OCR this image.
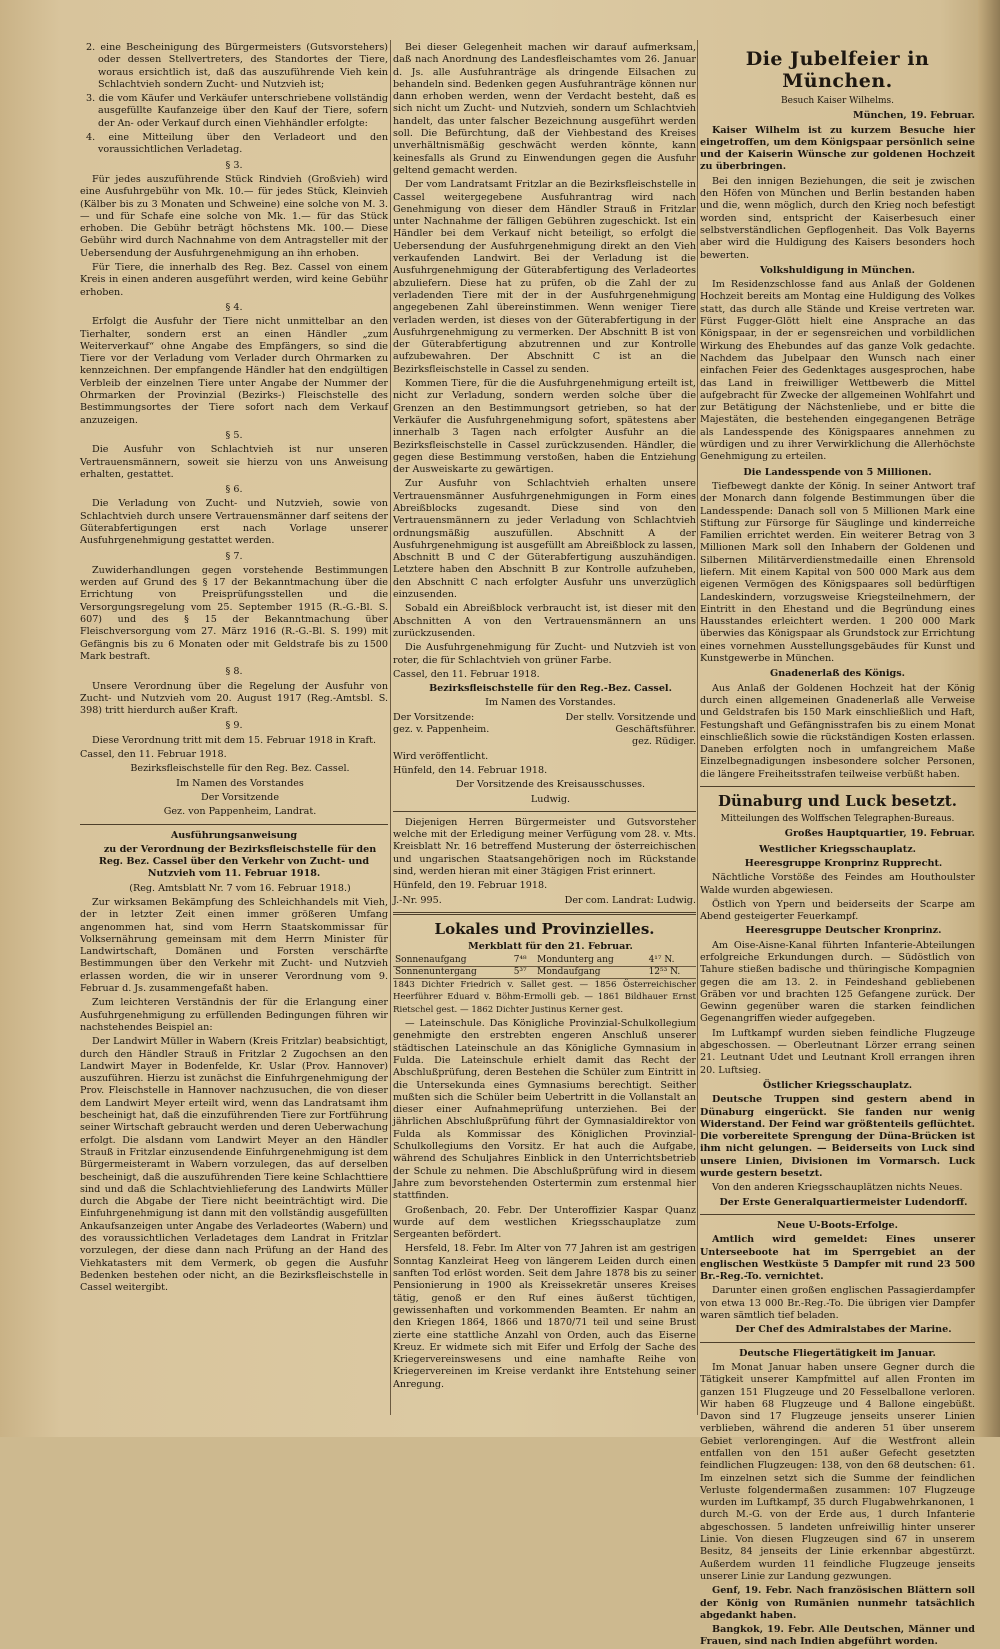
2. eine Bescheinigung des Bürgermeisters (Gutsvorstehers) oder dessen Stellvertreters, des Standortes der Tiere, woraus ersichtlich ist, daß das auszuführende Vieh kein Schlachtvieh sondern Zucht- und Nutzvieh ist;

3. die vom Käufer und Verkäufer unterschriebene vollständig ausgefüllte Kaufanzeige über den Kauf der Tiere, sofern der An- oder Verkauf durch einen Viehhändler erfolgte:

4. eine Mitteilung über den Verladeort und den voraussichtlichen Verladetag.

§ 3.

Für jedes auszuführende Stück Rindvieh (Großvieh) wird eine Ausfuhrgebühr von Mk. 10.— für jedes Stück, Kleinvieh (Kälber bis zu 3 Monaten und Schweine) eine solche von M. 3.— und für Schafe eine solche von Mk. 1.— für das Stück erhoben. Die Gebühr beträgt höchstens Mk. 100.— Diese Gebühr wird durch Nachnahme von dem Antragsteller mit der Uebersendung der Ausfuhrgenehmigung an ihn erhoben.

Für Tiere, die innerhalb des Reg. Bez. Cassel von einem Kreis in einen anderen ausgeführt werden, wird keine Gebühr erhoben.

§ 4.

Erfolgt die Ausfuhr der Tiere nicht unmittelbar an den Tierhalter, sondern erst an einen Händler „zum Weiterverkauf“ ohne Angabe des Empfängers, so sind die Tiere vor der Verladung vom Verlader durch Ohrmarken zu kennzeichnen. Der empfangende Händler hat den endgültigen Verbleib der einzelnen Tiere unter Angabe der Nummer der Ohrmarken der Provinzial (Bezirks-) Fleischstelle des Bestimmungsortes der Tiere sofort nach dem Verkauf anzuzeigen.

§ 5.

Die Ausfuhr von Schlachtvieh ist nur unseren Vertrauensmännern, soweit sie hierzu von uns Anweisung erhalten, gestattet.

§ 6.

Die Verladung von Zucht- und Nutzvieh, sowie von Schlachtvieh durch unsere Vertrauensmänner darf seitens der Güterabfertigungen erst nach Vorlage unserer Ausfuhrgenehmigung gestattet werden.

§ 7.

Zuwiderhandlungen gegen vorstehende Bestimmungen werden auf Grund des § 17 der Bekanntmachung über die Errichtung von Preisprüfungsstellen und die Versorgungsregelung vom 25. September 1915 (R.-G.-Bl. S. 607) und des § 15 der Bekanntmachung über Fleischversorgung vom 27. März 1916 (R.-G.-Bl. S. 199) mit Gefängnis bis zu 6 Monaten oder mit Geldstrafe bis zu 1500 Mark bestraft.

§ 8.

Unsere Verordnung über die Regelung der Ausfuhr von Zucht- und Nutzvieh vom 20. August 1917 (Reg.-Amtsbl. S. 398) tritt hierdurch außer Kraft.

§ 9.

Diese Verordnung tritt mit dem 15. Februar 1918 in Kraft.

Cassel, den 11. Februar 1918.

Bezirksfleischstelle für den Reg. Bez. Cassel.

Im Namen des Vorstandes

Der Vorsitzende

Gez. von Pappenheim, Landrat.

Ausführungsanweisung

zu der Verordnung der Bezirksfleischstelle für den Reg. Bez. Cassel über den Verkehr von Zucht- und Nutzvieh vom 11. Februar 1918.

(Reg. Amtsblatt Nr. 7 vom 16. Februar 1918.)

Zur wirksamen Bekämpfung des Schleichhandels mit Vieh, der in letzter Zeit einen immer größeren Umfang angenommen hat, sind vom Herrn Staatskommissar für Volksernährung gemeinsam mit dem Herrn Minister für Landwirtschaft, Domänen und Forsten verschärfte Bestimmungen über den Verkehr mit Zucht- und Nutzvieh erlassen worden, die wir in unserer Verordnung vom 9. Februar d. Js. zusammengefaßt haben.

Zum leichteren Verständnis der für die Erlangung einer Ausfuhrgenehmigung zu erfüllenden Bedingungen führen wir nachstehendes Beispiel an:

Der Landwirt Müller in Wabern (Kreis Fritzlar) beabsichtigt, durch den Händler Strauß in Fritzlar 2 Zugochsen an den Landwirt Mayer in Bodenfelde, Kr. Uslar (Prov. Hannover) auszuführen. Hierzu ist zunächst die Einfuhrgenehmigung der Prov. Fleischstelle in Hannover nachzusuchen, die von dieser dem Landwirt Meyer erteilt wird, wenn das Landratsamt ihm bescheinigt hat, daß die einzuführenden Tiere zur Fortführung seiner Wirtschaft gebraucht werden und deren Ueberwachung erfolgt. Die alsdann vom Landwirt Meyer an den Händler Strauß in Fritzlar einzusendende Einfuhrgenehmigung ist dem Bürgermeisteramt in Wabern vorzulegen, das auf derselben bescheinigt, daß die auszuführenden Tiere keine Schlachttiere sind und daß die Schlachtviehlieferung des Landwirts Müller durch die Abgabe der Tiere nicht beeinträchtigt wird. Die Einfuhrgenehmigung ist dann mit den vollständig ausgefüllten Ankaufsanzeigen unter Angabe des Verladeortes (Wabern) und des voraussichtlichen Verladetages dem Landrat in Fritzlar vorzulegen, der diese dann nach Prüfung an der Hand des Viehkatasters mit dem Vermerk, ob gegen die Ausfuhr Bedenken bestehen oder nicht, an die Bezirksfleischstelle in Cassel weitergibt.

Bei dieser Gelegenheit machen wir darauf aufmerksam, daß nach Anordnung des Landesfleischamtes vom 26. Januar d. Js. alle Ausfuhranträge als dringende Eilsachen zu behandeln sind. Bedenken gegen Ausfuhranträge können nur dann erhoben werden, wenn der Verdacht besteht, daß es sich nicht um Zucht- und Nutzvieh, sondern um Schlachtvieh handelt, das unter falscher Bezeichnung ausgeführt werden soll. Die Befürchtung, daß der Viehbestand des Kreises unverhältnismäßig geschwächt werden könnte, kann keinesfalls als Grund zu Einwendungen gegen die Ausfuhr geltend gemacht werden.

Der vom Landratsamt Fritzlar an die Bezirksfleischstelle in Cassel weitergegebene Ausfuhrantrag wird nach Genehmigung von dieser dem Händler Strauß in Fritzlar unter Nachnahme der fälligen Gebühren zugeschickt. Ist ein Händler bei dem Verkauf nicht beteiligt, so erfolgt die Uebersendung der Ausfuhrgenehmigung direkt an den Vieh verkaufenden Landwirt. Bei der Verladung ist die Ausfuhrgenehmigung der Güterabfertigung des Verladeortes abzuliefern. Diese hat zu prüfen, ob die Zahl der zu verladenden Tiere mit der in der Ausfuhrgenehmigung angegebenen Zahl übereinstimmen. Wenn weniger Tiere verladen werden, ist dieses von der Güterabfertigung in der Ausfuhrgenehmigung zu vermerken. Der Abschnitt B ist von der Güterabfertigung abzutrennen und zur Kontrolle aufzubewahren. Der Abschnitt C ist an die Bezirksfleischstelle in Cassel zu senden.

Kommen Tiere, für die die Ausfuhrgenehmigung erteilt ist, nicht zur Verladung, sondern werden solche über die Grenzen an den Bestimmungsort getrieben, so hat der Verkäufer die Ausfuhrgenehmigung sofort, spätestens aber innerhalb 3 Tagen nach erfolgter Ausfuhr an die Bezirksfleischstelle in Cassel zurückzusenden. Händler, die gegen diese Bestimmung verstoßen, haben die Entziehung der Ausweiskarte zu gewärtigen.

Zur Ausfuhr von Schlachtvieh erhalten unsere Vertrauensmänner Ausfuhrgenehmigungen in Form eines Abreißblocks zugesandt. Diese sind von den Vertrauensmännern zu jeder Verladung von Schlachtvieh ordnungsmäßig auszufüllen. Abschnitt A der Ausfuhrgenehmigung ist ausgefüllt am Abreißblock zu lassen, Abschnitt B und C der Güterabfertigung auszuhändigen. Letztere haben den Abschnitt B zur Kontrolle aufzuheben, den Abschnitt C nach erfolgter Ausfuhr uns unverzüglich einzusenden.

Sobald ein Abreißblock verbraucht ist, ist dieser mit den Abschnitten A von den Vertrauensmännern an uns zurückzusenden.

Die Ausfuhrgenehmigung für Zucht- und Nutzvieh ist von roter, die für Schlachtvieh von grüner Farbe.

Cassel, den 11. Februar 1918.

Bezirksfleischstelle für den Reg.-Bez. Cassel.

Im Namen des Vorstandes.

Der Vorsitzende:	Der stellv. Vorsitzende und
gez. v. Pappenheim.	Geschäftsführer.

gez. Rüdiger.

Wird veröffentlicht.

Hünfeld, den 14. Februar 1918.

Der Vorsitzende des Kreisausschusses.

Ludwig.

Diejenigen Herren Bürgermeister und Gutsvorsteher welche mit der Erledigung meiner Verfügung vom 28. v. Mts. Kreisblatt Nr. 16 betreffend Musterung der österreichischen und ungarischen Staatsangehörigen noch im Rückstande sind, werden hieran mit einer 3tägigen Frist erinnert.

Hünfeld, den 19. Februar 1918.

J.-Nr. 995.	Der com. Landrat: Ludwig.
Lokales und Provinzielles.

Merkblatt für den 21. Februar.

Sonnenaufgang	7⁴⁸	Mondunterg ang	4¹⁷ N.
Sonnenuntergang	5³⁷	Mondaufgang	12⁵³ N.

1843 Dichter Friedrich v. Sallet gest. — 1856 Österreichischer Heerführer Eduard v. Böhm-Ermolli geb. — 1861 Bildhauer Ernst Rietschel gest. — 1862 Dichter Justinus Kerner gest.

— Lateinschule. Das Königliche Provinzial-Schulkollegium genehmigte den erstrebten engeren Anschluß unserer städtischen Lateinschule an das Königliche Gymnasium in Fulda. Die Lateinschule erhielt damit das Recht der Abschlußprüfung, deren Bestehen die Schüler zum Eintritt in die Untersekunda eines Gymnasiums berechtigt. Seither mußten sich die Schüler beim Uebertritt in die Vollanstalt an dieser einer Aufnahmeprüfung unterziehen. Bei der jährlichen Abschlußprüfung führt der Gymnasialdirektor von Fulda als Kommissar des Königlichen Provinzial-Schulkollegiums den Vorsitz. Er hat auch die Aufgabe, während des Schuljahres Einblick in den Unterrichtsbetrieb der Schule zu nehmen. Die Abschlußprüfung wird in diesem Jahre zum bevorstehenden Ostertermin zum erstenmal hier stattfinden.

Großenbach, 20. Febr. Der Unteroffizier Kaspar Quanz wurde auf dem westlichen Kriegsschauplatze zum Sergeanten befördert.

Hersfeld, 18. Febr. Im Alter von 77 Jahren ist am gestrigen Sonntag Kanzleirat Heeg von längerem Leiden durch einen sanften Tod erlöst worden. Seit dem Jahre 1878 bis zu seiner Pensionierung in 1900 als Kreissekretär unseres Kreises tätig, genoß er den Ruf eines äußerst tüchtigen, gewissenhaften und vorkommenden Beamten. Er nahm an den Kriegen 1864, 1866 und 1870/71 teil und seine Brust zierte eine stattliche Anzahl von Orden, auch das Eiserne Kreuz. Er widmete sich mit Eifer und Erfolg der Sache des Kriegervereinswesens und eine namhafte Reihe von Kriegervereinen im Kreise verdankt ihre Entstehung seiner Anregung.

Die Jubelfeier in München.
Besuch Kaiser Wilhelms.

München, 19. Februar.

Kaiser Wilhelm ist zu kurzem Besuche hier eingetroffen, um dem Königspaar persönlich seine und der Kaiserin Wünsche zur goldenen Hochzeit zu überbringen.

Bei den innigen Beziehungen, die seit je zwischen den Höfen von München und Berlin bestanden haben und die, wenn möglich, durch den Krieg noch befestigt worden sind, entspricht der Kaiserbesuch einer selbstverständlichen Gepflogenheit. Das Volk Bayerns aber wird die Huldigung des Kaisers besonders hoch bewerten.

Volkshuldigung in München.

Im Residenzschlosse fand aus Anlaß der Goldenen Hochzeit bereits am Montag eine Huldigung des Volkes statt, das durch alle Stände und Kreise vertreten war. Fürst Fugger-Glött hielt eine Ansprache an das Königspaar, in der er segensreichen und vorbildlichen Wirkung des Ehebundes auf das ganze Volk gedachte. Nachdem das Jubelpaar den Wunsch nach einer einfachen Feier des Gedenktages ausgesprochen, habe das Land in freiwilliger Wettbewerb die Mittel aufgebracht für Zwecke der allgemeinen Wohlfahrt und zur Betätigung der Nächstenliebe, und er bitte die Majestäten, die bestehenden eingegangenen Beträge als Landesspende des Königspaares annehmen zu würdigen und zu ihrer Verwirklichung die Allerhöchste Genehmigung zu erteilen.

Die Landesspende von 5 Millionen.

Tiefbewegt dankte der König. In seiner Antwort traf der Monarch dann folgende Bestimmungen über die Landesspende: Danach soll von 5 Millionen Mark eine Stiftung zur Fürsorge für Säuglinge und kinderreiche Familien errichtet werden. Ein weiterer Betrag von 3 Millionen Mark soll den Inhabern der Goldenen und Silbernen Militärverdienstmedaille einen Ehrensold liefern. Mit einem Kapital von 500 000 Mark aus dem eigenen Vermögen des Königspaares soll bedürftigen Landeskindern, vorzugsweise Kriegsteilnehmern, der Eintritt in den Ehestand und die Begründung eines Hausstandes erleichtert werden. 1 200 000 Mark überwies das Königspaar als Grundstock zur Errichtung eines vornehmen Ausstellungsgebäudes für Kunst und Kunstgewerbe in München.

Gnadenerlaß des Königs.

Aus Anlaß der Goldenen Hochzeit hat der König durch einen allgemeinen Gnadenerlaß alle Verweise und Geldstrafen bis 150 Mark einschließlich und Haft, Festungshaft und Gefängnisstrafen bis zu einem Monat einschließlich sowie die rückständigen Kosten erlassen. Daneben erfolgten noch in umfangreichem Maße Einzelbegnadigungen insbesondere solcher Personen, die längere Freiheitsstrafen teilweise verbüßt haben.

Dünaburg und Luck besetzt.
Mitteilungen des Wolffschen Telegraphen-Bureaus.

Großes Hauptquartier, 19. Februar.

Westlicher Kriegsschauplatz.

Heeresgruppe Kronprinz Rupprecht.

Nächtliche Vorstöße des Feindes am Houthoulster Walde wurden abgewiesen.

Östlich von Ypern und beiderseits der Scarpe am Abend gesteigerter Feuerkampf.

Heeresgruppe Deutscher Kronprinz.

Am Oise-Aisne-Kanal führten Infanterie-Abteilungen erfolgreiche Erkundungen durch. — Südöstlich von Tahure stießen badische und thüringische Kompagnien gegen die am 13. 2. in Feindeshand gebliebenen Gräben vor und brachten 125 Gefangene zurück. Der Gewinn gegenüber waren die starken feindlichen Gegenangriffen wieder aufgegeben.

Im Luftkampf wurden sieben feindliche Flugzeuge abgeschossen. — Oberleutnant Lörzer errang seinen 21. Leutnant Udet und Leutnant Kroll errangen ihren 20. Luftsieg.

Östlicher Kriegsschauplatz.

Deutsche Truppen sind gestern abend in Dünaburg eingerückt. Sie fanden nur wenig Widerstand. Der Feind war größtenteils geflüchtet. Die vorbereitete Sprengung der Düna-Brücken ist ihm nicht gelungen. — Beiderseits von Luck sind unsere Linien, Divisionen im Vormarsch. Luck wurde gestern besetzt.

Von den anderen Kriegsschauplätzen nichts Neues.

Der Erste Generalquartiermeister Ludendorff.

Neue U-Boots-Erfolge.

Amtlich wird gemeldet: Eines unserer Unterseeboote hat im Sperrgebiet an der englischen Westküste 5 Dampfer mit rund 23 500 Br.-Reg.-To. vernichtet.

Darunter einen großen englischen Passagierdampfer von etwa 13 000 Br.-Reg.-To. Die übrigen vier Dampfer waren sämtlich tief beladen.

Der Chef des Admiralstabes der Marine.

Deutsche Fliegertätigkeit im Januar.

Im Monat Januar haben unsere Gegner durch die Tätigkeit unserer Kampfmittel auf allen Fronten im ganzen 151 Flugzeuge und 20 Fesselballone verloren. Wir haben 68 Flugzeuge und 4 Ballone eingebüßt. Davon sind 17 Flugzeuge jenseits unserer Linien verblieben, während die anderen 51 über unserem Gebiet verlorengingen. Auf die Westfront allein entfallen von den 151 außer Gefecht gesetzten feindlichen Flugzeugen: 138, von den 68 deutschen: 61. Im einzelnen setzt sich die Summe der feindlichen Verluste folgendermaßen zusammen: 107 Flugzeuge wurden im Luftkampf, 35 durch Flugabwehrkanonen, 1 durch M.-G. von der Erde aus, 1 durch Infanterie abgeschossen. 5 landeten unfreiwillig hinter unserer Linie. Von diesen Flugzeugen sind 67 in unserem Besitz, 84 jenseits der Linie erkennbar abgestürzt. Außerdem wurden 11 feindliche Flugzeuge jenseits unserer Linie zur Landung gezwungen.

Genf, 19. Febr. Nach französischen Blättern soll der König von Rumänien nunmehr tatsächlich abgedankt haben.

Bangkok, 19. Febr. Alle Deutschen, Männer und Frauen, sind nach Indien abgeführt worden.
